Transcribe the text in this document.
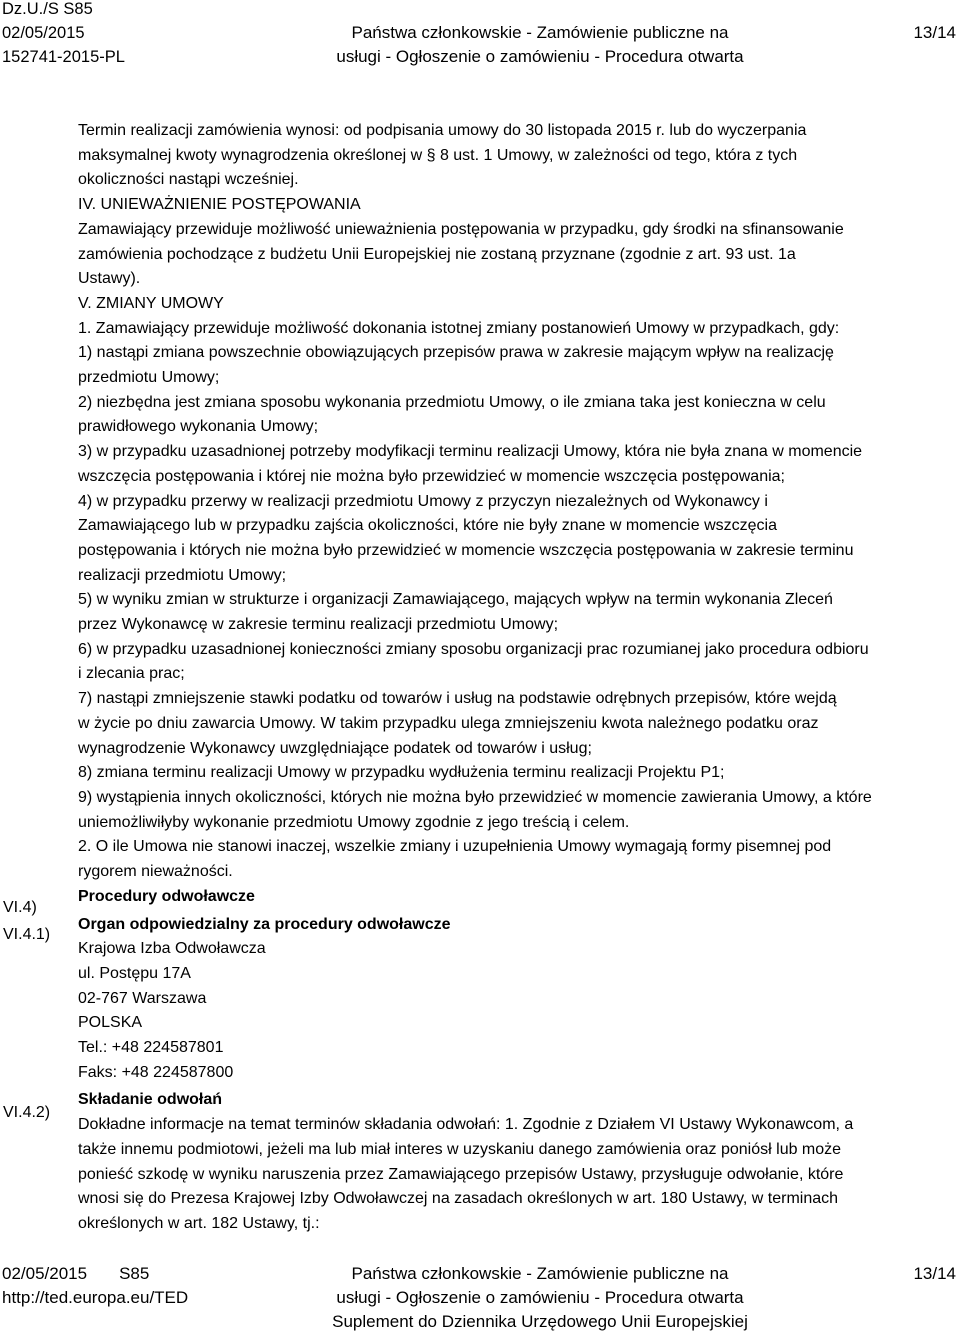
Dz.U./S S85
02/05/2015
152741-2015-PL
Państwa członkowskie - Zamówienie publiczne na
usługi - Ogłoszenie o zamówieniu - Procedura otwarta
13/14
Termin realizacji zamówienia wynosi: od podpisania umowy do 30 listopada 2015 r. lub do wyczerpania
maksymalnej kwoty wynagrodzenia określonej w § 8 ust. 1 Umowy, w zależności od tego, która z tych
okoliczności nastąpi wcześniej.
IV. UNIEWAŻNIENIE POSTĘPOWANIA
Zamawiający przewiduje możliwość unieważnienia postępowania w przypadku, gdy środki na sfinansowanie
zamówienia pochodzące z budżetu Unii Europejskiej nie zostaną przyznane (zgodnie z art. 93 ust. 1a
Ustawy).
V. ZMIANY UMOWY
1. Zamawiający przewiduje możliwość dokonania istotnej zmiany postanowień Umowy w przypadkach, gdy:
1) nastąpi zmiana powszechnie obowiązujących przepisów prawa w zakresie mającym wpływ na realizację
przedmiotu Umowy;
2) niezbędna jest zmiana sposobu wykonania przedmiotu Umowy, o ile zmiana taka jest konieczna w celu
prawidłowego wykonania Umowy;
3) w przypadku uzasadnionej potrzeby modyfikacji terminu realizacji Umowy, która nie była znana w momencie
wszczęcia postępowania i której nie można było przewidzieć w momencie wszczęcia postępowania;
4) w przypadku przerwy w realizacji przedmiotu Umowy z przyczyn niezależnych od Wykonawcy i
Zamawiającego lub w przypadku zajścia okoliczności, które nie były znane w momencie wszczęcia
postępowania i których nie można było przewidzieć w momencie wszczęcia postępowania w zakresie terminu
realizacji przedmiotu Umowy;
5) w wyniku zmian w strukturze i organizacji Zamawiającego, mających wpływ na termin wykonania Zleceń
przez Wykonawcę w zakresie terminu realizacji przedmiotu Umowy;
6) w przypadku uzasadnionej konieczności zmiany sposobu organizacji prac rozumianej jako procedura odbioru
i zlecania prac;
7) nastąpi zmniejszenie stawki podatku od towarów i usług na podstawie odrębnych przepisów, które wejdą
w życie po dniu zawarcia Umowy. W takim przypadku ulega zmniejszeniu kwota należnego podatku oraz
wynagrodzenie Wykonawcy uwzględniające podatek od towarów i usług;
8) zmiana terminu realizacji Umowy w przypadku wydłużenia terminu realizacji Projektu P1;
9) wystąpienia innych okoliczności, których nie można było przewidzieć w momencie zawierania Umowy, a które
uniemożliwiłyby wykonanie przedmiotu Umowy zgodnie z jego treścią i celem.
2. O ile Umowa nie stanowi inaczej, wszelkie zmiany i uzupełnienia Umowy wymagają formy pisemnej pod
rygorem nieważności.
Procedury odwoławcze
Organ odpowiedzialny za procedury odwoławcze
Krajowa Izba Odwoławcza
ul. Postępu 17A
02-767 Warszawa
POLSKA
Tel.: +48 224587801
Faks: +48 224587800
Składanie odwołań
Dokładne informacje na temat terminów składania odwołań: 1. Zgodnie z Działem VI Ustawy Wykonawcom, a
także innemu podmiotowi, jeżeli ma lub miał interes w uzyskaniu danego zamówienia oraz poniósł lub może
ponieść szkodę w wyniku naruszenia przez Zamawiającego przepisów Ustawy, przysługuje odwołanie, które
wnosi się do Prezesa Krajowej Izby Odwoławczej na zasadach określonych w art. 180 Ustawy, w terminach
określonych w art. 182 Ustawy, tj.:
VI.4)
VI.4.1)
VI.4.2)
02/05/2015 S85
http://ted.europa.eu/TED
Państwa członkowskie - Zamówienie publiczne na
usługi - Ogłoszenie o zamówieniu - Procedura otwarta
Suplement do Dziennika Urzędowego Unii Europejskiej
13/14
